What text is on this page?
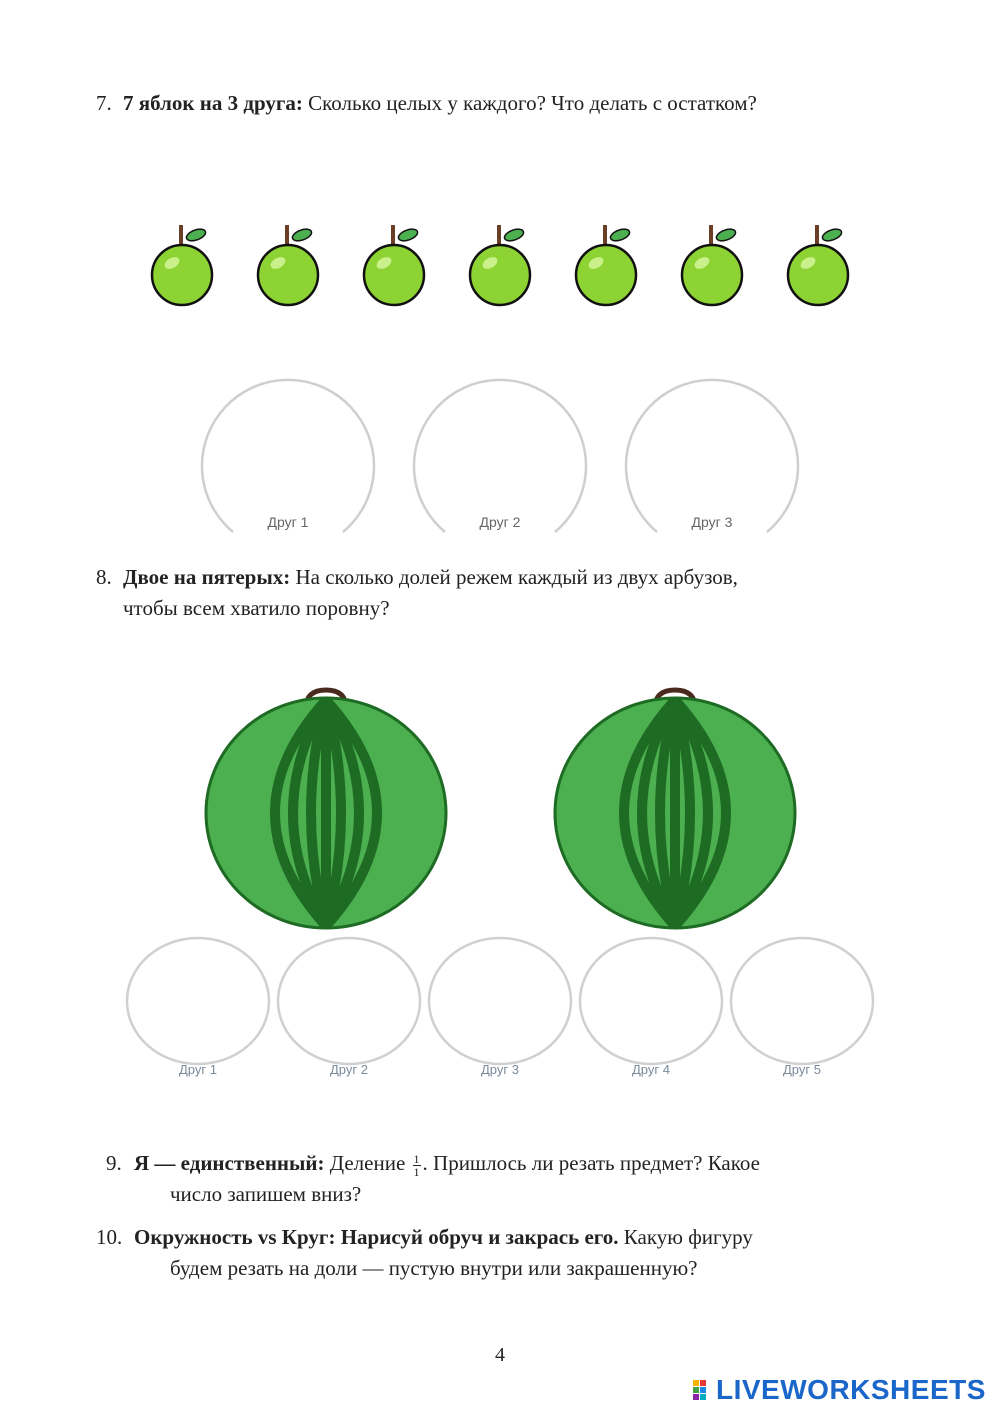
7. 7 яблок на 3 друга: Сколько целых у каждого? Что делать с остатком?

Друг 1	Друг 2	Друг 3

8. Двое на пятерых: На сколько долей режем каждый из двух арбузов,
чтобы всем хватило поровну?

Друг 1	Друг 2	Друг 3	Друг 4	Друг 5

9. Я — единственный: Деление $\frac{1}{1}$ . Пришлось ли резать предмет? Какое
число запишем вниз?

10. Окружность vs Круг: Нарисуй обруч и закрась его. Какую фигуру
будем резать на доли — пустую внутри или закрашенную?

4
LIVEWORKSHEETS
